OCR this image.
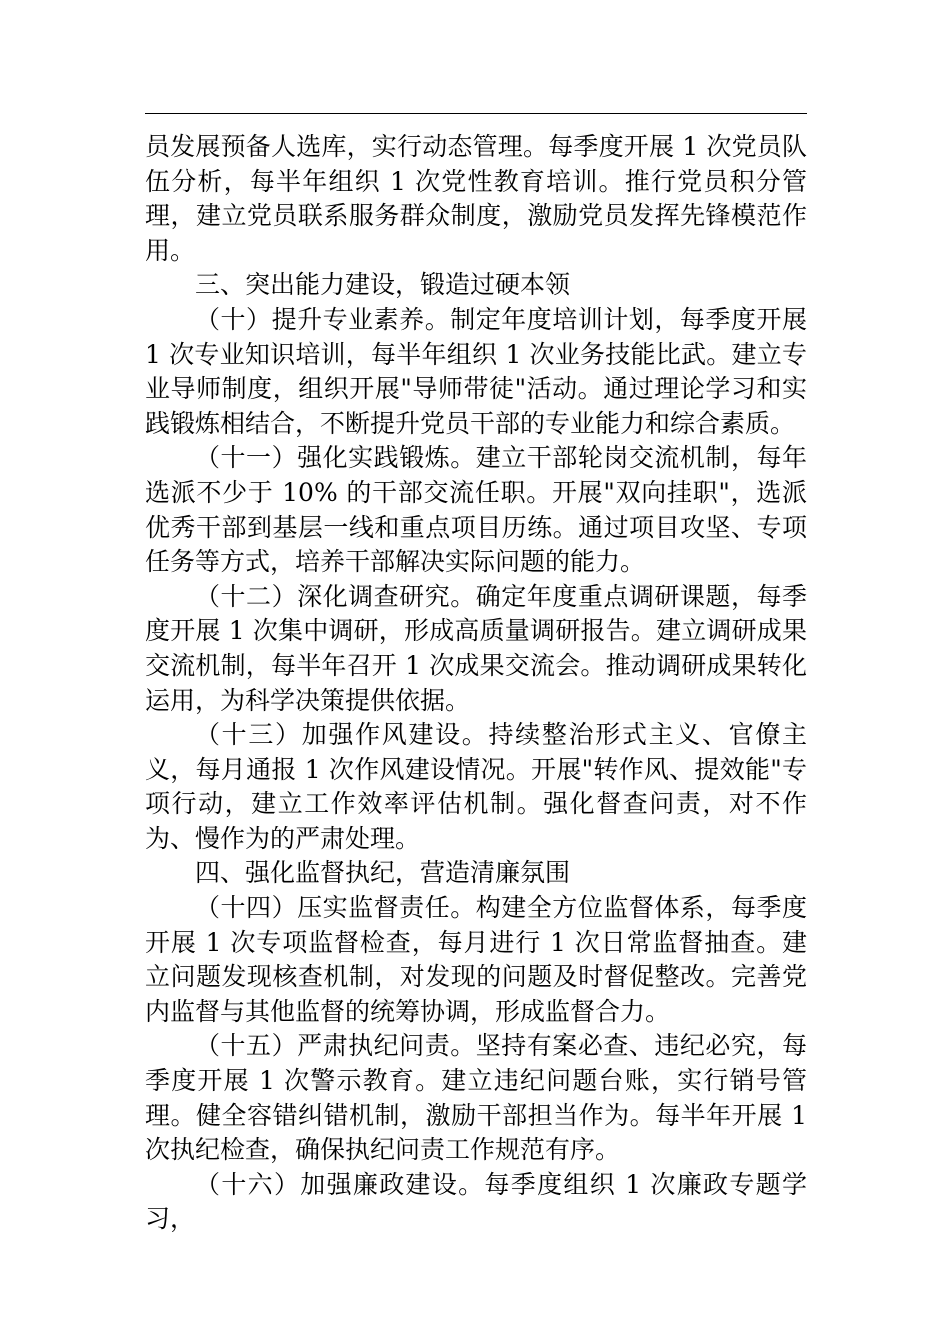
员发展预备人选库，实行动态管理。每季度开展 1 次党员队伍分析，每半年组织 1 次党性教育培训。推行党员积分管理，建立党员联系服务群众制度，激励党员发挥先锋模范作用。

三、突出能力建设，锻造过硬本领

（十）提升专业素养。制定年度培训计划，每季度开展 1 次专业知识培训，每半年组织 1 次业务技能比武。建立专业导师制度，组织开展"导师带徒"活动。通过理论学习和实践锻炼相结合，不断提升党员干部的专业能力和综合素质。

（十一）强化实践锻炼。建立干部轮岗交流机制，每年选派不少于 10% 的干部交流任职。开展"双向挂职"，选派优秀干部到基层一线和重点项目历练。通过项目攻坚、专项任务等方式，培养干部解决实际问题的能力。

（十二）深化调查研究。确定年度重点调研课题，每季度开展 1 次集中调研，形成高质量调研报告。建立调研成果交流机制，每半年召开 1 次成果交流会。推动调研成果转化运用，为科学决策提供依据。

（十三）加强作风建设。持续整治形式主义、官僚主义，每月通报 1 次作风建设情况。开展"转作风、提效能"专项行动，建立工作效率评估机制。强化督查问责，对不作为、慢作为的严肃处理。

四、强化监督执纪，营造清廉氛围

（十四）压实监督责任。构建全方位监督体系，每季度开展 1 次专项监督检查，每月进行 1 次日常监督抽查。建立问题发现核查机制，对发现的问题及时督促整改。完善党内监督与其他监督的统筹协调，形成监督合力。

（十五）严肃执纪问责。坚持有案必查、违纪必究，每季度开展 1 次警示教育。建立违纪问题台账，实行销号管理。健全容错纠错机制，激励干部担当作为。每半年开展 1 次执纪检查，确保执纪问责工作规范有序。

（十六）加强廉政建设。每季度组织 1 次廉政专题学习，
